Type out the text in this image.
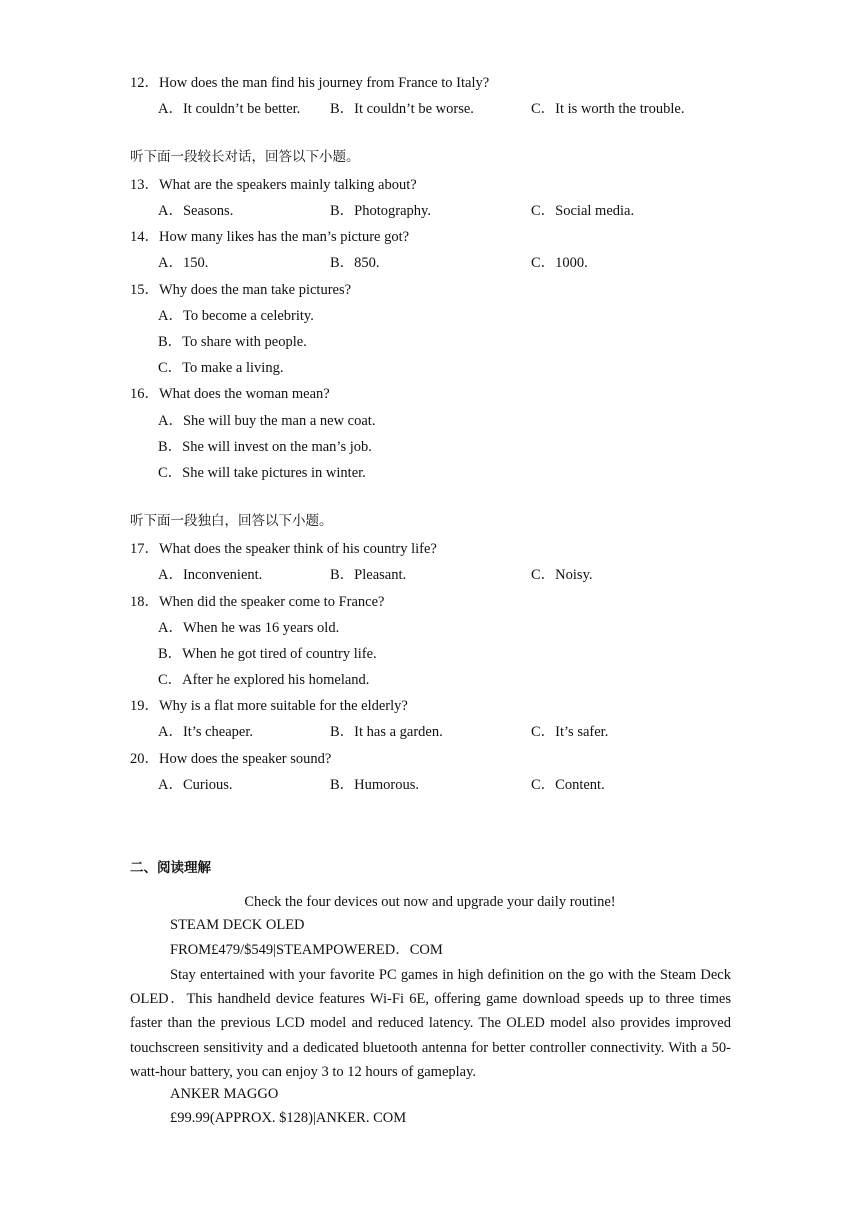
12．How does the man find his journey from France to Italy?
A．It couldn’t be better. B．It couldn’t be worse.	C．It is worth the trouble.
听下面一段较长对话，回答以下小题。
13．What are the speakers mainly talking about?
A．Seasons.	B．Photography.	C．Social media.
14．How many likes has the man’s picture got?
A．150.	B．850.	C．1000.
15．Why does the man take pictures?
A．To become a celebrity.
B．To share with people.
C．To make a living.
16．What does the woman mean?
A．She will buy the man a new coat.
B．She will invest on the man’s job.
C．She will take pictures in winter.
听下面一段独白，回答以下小题。
17．What does the speaker think of his country life?
A．Inconvenient.	B．Pleasant.	C．Noisy.
18．When did the speaker come to France?
A．When he was 16 years old.
B．When he got tired of country life.
C．After he explored his homeland.
19．Why is a flat more suitable for the elderly?
A．It’s cheaper.	B．It has a garden.	C．It’s safer.
20．How does the speaker sound?
A．Curious.	B．Humorous.	C．Content.
二、阅读理解
Check the four devices out now and upgrade your daily routine!
STEAM DECK OLED
FROM£479/$549|STEAMPOWERED．COM
Stay entertained with your favorite PC games in high definition on the go with the Steam Deck OLED．This handheld device features Wi-Fi 6E, offering game download speeds up to three times faster than the previous LCD model and reduced latency. The OLED model also provides improved touchscreen sensitivity and a dedicated bluetooth antenna for better controller connectivity. With a 50-watt-hour battery, you can enjoy 3 to 12 hours of gameplay.
ANKER MAGGO
£99.99(APPROX. $128)|ANKER. COM
